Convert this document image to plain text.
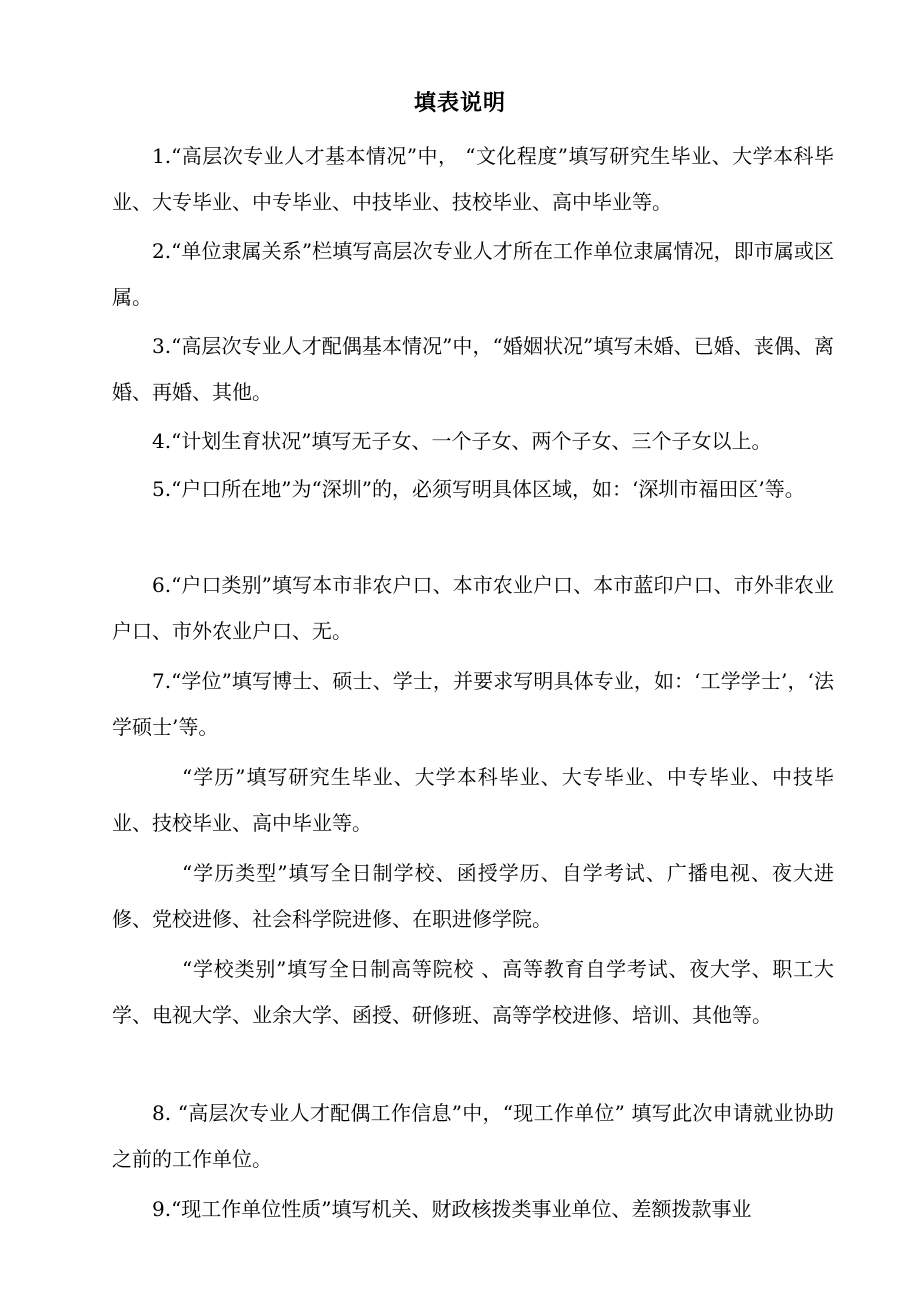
填表说明

1.“高层次专业人才基本情况”中， “文化程度”填写研究生毕业、大学本科毕业、大专毕业、中专毕业、中技毕业、技校毕业、高中毕业等。

2.“单位隶属关系”栏填写高层次专业人才所在工作单位隶属情况，即市属或区属。

3.“高层次专业人才配偶基本情况”中，“婚姻状况”填写未婚、已婚、丧偶、离婚、再婚、其他。

4.“计划生育状况”填写无子女、一个子女、两个子女、三个子女以上。

5.“户口所在地”为“深圳”的，必须写明具体区域，如：‘深圳市福田区’等。

6.“户口类别”填写本市非农户口、本市农业户口、本市蓝印户口、市外非农业户口、市外农业户口、无。

7.“学位”填写博士、硕士、学士，并要求写明具体专业，如：‘工学学士’，‘法学硕士’等。

“学历”填写研究生毕业、大学本科毕业、大专毕业、中专毕业、中技毕业、技校毕业、高中毕业等。

“学历类型”填写全日制学校、函授学历、自学考试、广播电视、夜大进修、党校进修、社会科学院进修、在职进修学院。

“学校类别”填写全日制高等院校 、高等教育自学考试、夜大学、职工大学、电视大学、业余大学、函授、研修班、高等学校进修、培训、其他等。

8. “高层次专业人才配偶工作信息”中，“现工作单位” 填写此次申请就业协助之前的工作单位。

9.“现工作单位性质”填写机关、财政核拨类事业单位、差额拨款事业
